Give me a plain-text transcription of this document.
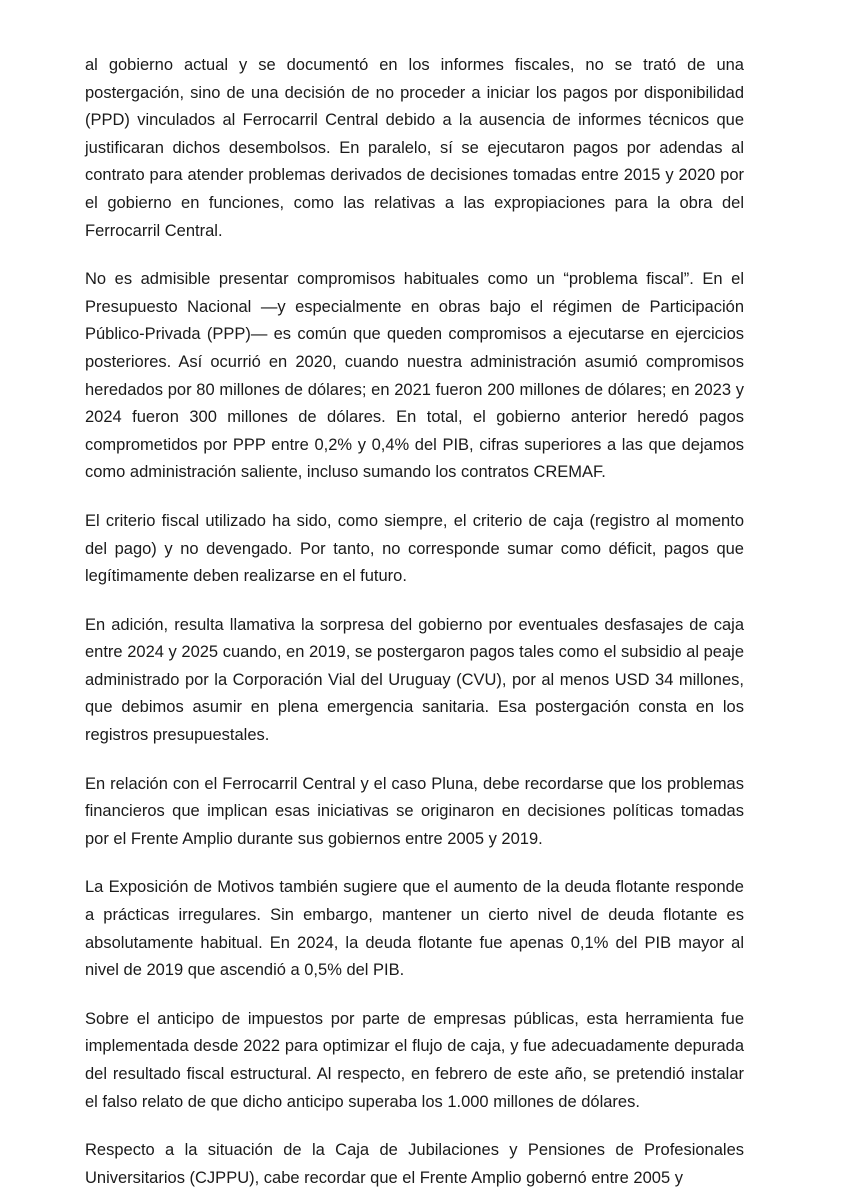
al gobierno actual y se documentó en los informes fiscales, no se trató de una postergación, sino de una decisión de no proceder a iniciar los pagos por disponibilidad (PPD) vinculados al Ferrocarril Central debido a la ausencia de informes técnicos que justificaran dichos desembolsos. En paralelo, sí se ejecutaron pagos por adendas al contrato para atender problemas derivados de decisiones tomadas entre 2015 y 2020 por el gobierno en funciones, como las relativas a las expropiaciones para la obra del Ferrocarril Central.

No es admisible presentar compromisos habituales como un “problema fiscal”. En el Presupuesto Nacional —y especialmente en obras bajo el régimen de Participación Público-Privada (PPP)— es común que queden compromisos a ejecutarse en ejercicios posteriores. Así ocurrió en 2020, cuando nuestra administración asumió compromisos heredados por 80 millones de dólares; en 2021 fueron 200 millones de dólares; en 2023 y 2024 fueron 300 millones de dólares. En total, el gobierno anterior heredó pagos comprometidos por PPP entre 0,2% y 0,4% del PIB, cifras superiores a las que dejamos como administración saliente, incluso sumando los contratos CREMAF.

El criterio fiscal utilizado ha sido, como siempre, el criterio de caja (registro al momento del pago) y no devengado. Por tanto, no corresponde sumar como déficit, pagos que legítimamente deben realizarse en el futuro.

En adición, resulta llamativa la sorpresa del gobierno por eventuales desfasajes de caja entre 2024 y 2025 cuando, en 2019, se postergaron pagos tales como el subsidio al peaje administrado por la Corporación Vial del Uruguay (CVU), por al menos USD 34 millones, que debimos asumir en plena emergencia sanitaria. Esa postergación consta en los registros presupuestales.

En relación con el Ferrocarril Central y el caso Pluna, debe recordarse que los problemas financieros que implican esas iniciativas se originaron en decisiones políticas tomadas por el Frente Amplio durante sus gobiernos entre 2005 y 2019.

La Exposición de Motivos también sugiere que el aumento de la deuda flotante responde a prácticas irregulares. Sin embargo, mantener un cierto nivel de deuda flotante es absolutamente habitual. En 2024, la deuda flotante fue apenas 0,1% del PIB mayor al nivel de 2019 que ascendió a 0,5% del PIB.

Sobre el anticipo de impuestos por parte de empresas públicas, esta herramienta fue implementada desde 2022 para optimizar el flujo de caja, y fue adecuadamente depurada del resultado fiscal estructural. Al respecto, en febrero de este año, se pretendió instalar el falso relato de que dicho anticipo superaba los 1.000 millones de dólares.

Respecto a la situación de la Caja de Jubilaciones y Pensiones de Profesionales Universitarios (CJPPU), cabe recordar que el Frente Amplio gobernó entre 2005 y
